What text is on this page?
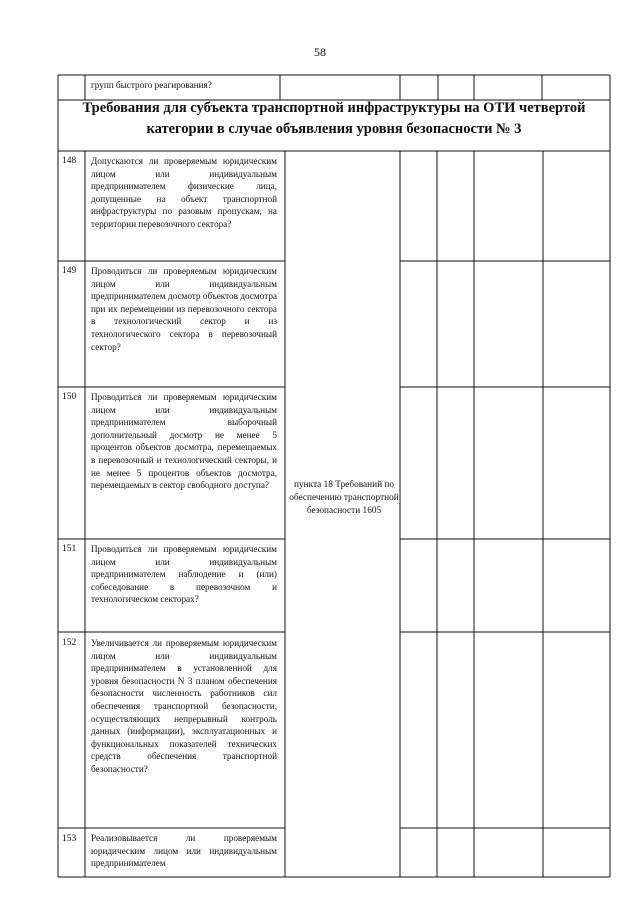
58
групп быстрого реагирования?
Требования для субъекта транспортной инфраструктуры на ОТИ четвертой категории в случае объявления уровня безопасности № 3
148 Допускаются ли проверяемым юридическим лицом или индивидуальным предпринимателем физические лица, допущенные на объект транспортной инфраструктуры по разовым пропускам, на территории перевозочного сектора?
149 Проводиться ли проверяемым юридическим лицом или индивидуальным предпринимателем досмотр объектов досмотра при их перемещении из перевозочного сектора в технологический сектор и из технологического сектора в перевозочный сектор?
150 Проводиться ли проверяемым юридическим лицом или индивидуальным предпринимателем выборочный дополнительный досмотр не менее 5 процентов объектов досмотра, перемещаемых в перевозочный и технологический секторы, и не менее 5 процентов объектов досмотра, перемещаемых в сектор свободного доступа?
151 Проводиться ли проверяемым юридическим лицом или индивидуальным предпринимателем наблюдение и (или) собеседование в перевозочном и технологическом секторах?
152 Увеличивается ли проверяемым юридическим лицом или индивидуальным предпринимателем в установленной для уровня безопасности N 3 планом обеспечения безопасности численность работников сил обеспечения транспортной безопасности, осуществляющих непрерывный контроль данных (информации), эксплуатационных и функциональных показателей технических средств обеспечения транспортной безопасности?
153 Реализовывается ли проверяемым юридическим лицом или индивидуальным предпринимателем
пункта 18 Требований по обеспечению транспортной безопасности 1605
